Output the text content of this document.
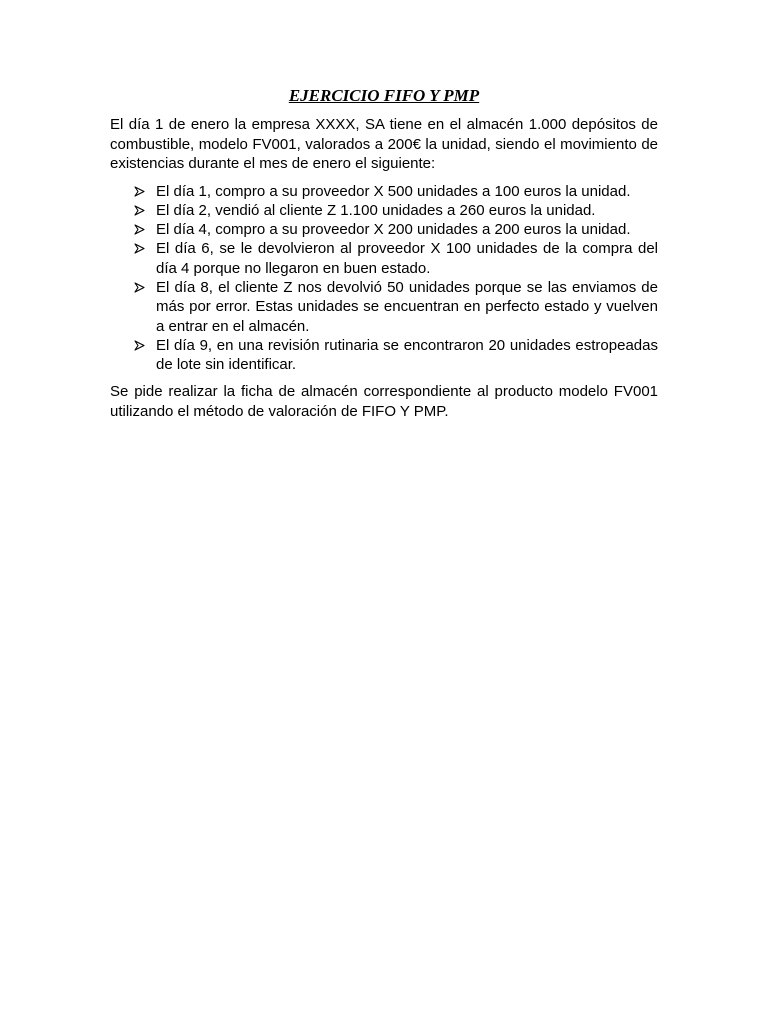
EJERCICIO FIFO Y PMP

El día 1 de enero la empresa XXXX, SA tiene en el almacén 1.000 depósitos de combustible, modelo FV001, valorados a 200€ la unidad, siendo el movimiento de existencias durante el mes de enero el siguiente:

El día 1, compro a su proveedor X 500 unidades a 100 euros la unidad.
El día 2, vendió al cliente Z 1.100 unidades a 260 euros la unidad.
El día 4, compro a su proveedor X 200 unidades a 200 euros la unidad.
El día 6, se le devolvieron al proveedor X 100 unidades de la compra del día 4 porque no llegaron en buen estado.
El día 8, el cliente Z nos devolvió 50 unidades porque se las enviamos de más por error. Estas unidades se encuentran en perfecto estado y vuelven a entrar en el almacén.
El día 9, en una revisión rutinaria se encontraron 20 unidades estropeadas de lote sin identificar.

Se pide realizar la ficha de almacén correspondiente al producto modelo FV001 utilizando el método de valoración de FIFO Y PMP.
